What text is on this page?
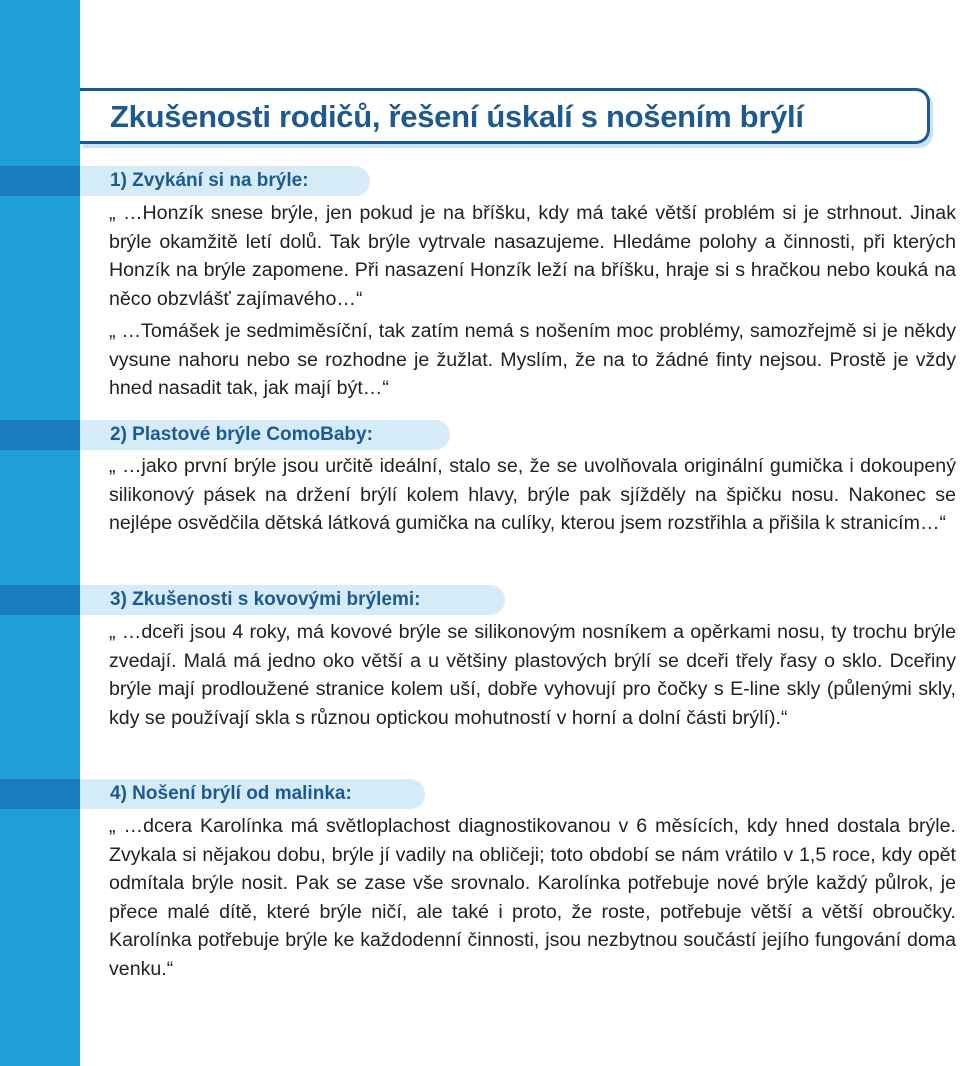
Zkušenosti rodičů, řešení úskalí s nošením brýlí
1) Zvykání si na brýle:

„ …Honzík snese brýle, jen pokud je na bříšku, kdy má také větší problém si je strhnout. Jinak brýle okamžitě letí dolů. Tak brýle vytrvale nasazujeme. Hledáme polohy a činnosti, při kterých Honzík na brýle zapomene. Při nasazení Honzík leží na bříšku, hraje si s hračkou nebo kouká na něco obzvlášť zajímavého…“

„ …Tomášek je sedmiměsíční, tak zatím nemá s nošením moc problémy, samozřejmě si je někdy vysune nahoru nebo se rozhodne je žužlat. Myslím, že na to žádné finty nejsou. Prostě je vždy hned nasadit tak, jak mají být…“

2) Plastové brýle ComoBaby:

„ …jako první brýle jsou určitě ideální, stalo se, že se uvolňovala originální gumička i dokoupený silikonový pásek na držení brýlí kolem hlavy, brýle pak sjížděly na špičku nosu. Nakonec se nejlépe osvědčila dětská látková gumička na culíky, kterou jsem rozstřihla a přišila k stranicím…“

3) Zkušenosti s kovovými brýlemi:

„ …dceři jsou 4 roky, má kovové brýle se silikonovým nosníkem a opěrkami nosu, ty trochu brýle zvedají. Malá má jedno oko větší a u většiny plastových brýlí se dceři třely řasy o sklo. Dceřiny brýle mají prodloužené stranice kolem uší, dobře vyhovují pro čočky s E-line skly (půlenými skly, kdy se používají skla s různou optickou mohutností v horní a dolní části brýlí).“

4) Nošení brýlí od malinka:

„ …dcera Karolínka má světloplachost diagnostikovanou v 6 měsících, kdy hned dostala brýle. Zvykala si nějakou dobu, brýle jí vadily na obličeji; toto období se nám vrátilo v 1,5 roce, kdy opět odmítala brýle nosit. Pak se zase vše srovnalo. Karolínka potřebuje nové brýle každý půlrok, je přece malé dítě, které brýle ničí, ale také i proto, že roste, potřebuje větší a větší obroučky. Karolínka potřebuje brýle ke každodenní činnosti, jsou nezbytnou součástí jejího fungování doma venku.“
